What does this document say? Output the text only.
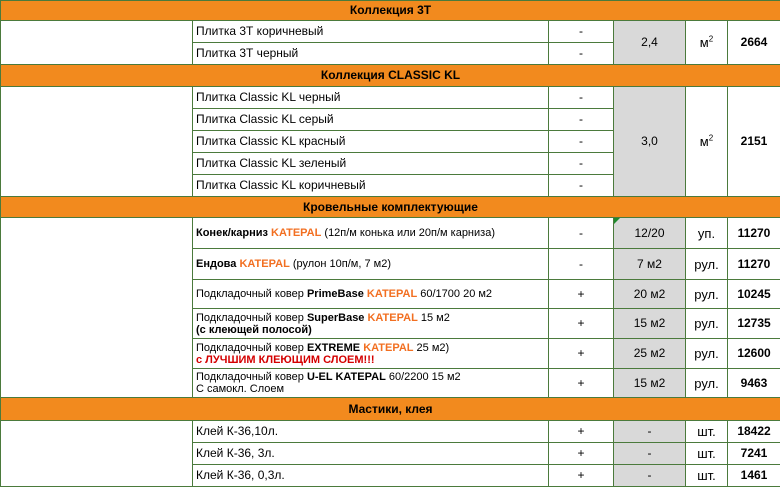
Коллекция 3Т					
	Плитка 3Т коричневый	-	2,4	$м^2$	2664
	Плитка 3Т черный	-			
Коллекция CLASSIC KL					
	Плитка Classic KL черный	-	3,0	$м^2$	2151
	Плитка Classic KL серый	-			
	Плитка Classic KL красный	-			
	Плитка Classic KL зеленый	-			
	Плитка Classic KL коричневый	-			
Кровельные комплектующие					
	Конек/карниз KATEPAL (12п/м конька или 20п/м карниза)	-	12/20	уп.	11270
	Ендова KATEPAL (рулон 10п/м, 7 м2)	-	7 м2	рул.	11270
	Подкладочный ковер PrimeBase KATEPAL 60/1700 20 м2	+	20 м2	рул.	10245
	Подкладочный ковер SuperBase KATEPAL 15 м2
(с клеющей полосой)	+	15 м2	рул.	12735
	Подкладочный ковер EXTREME KATEPAL 25 м2)
с ЛУЧШИМ КЛЕЮЩИМ СЛОЕМ!!!	+	25 м2	рул.	12600
	Подкладочный ковер U-EL KATEPAL 60/2200 15 м2
С самокл. Слоем	+	15 м2	рул.	9463
Мастики, клея					
	Клей К-36,10л.	+	-	шт.	18422
	Клей К-36, 3л.	+	-	шт.	7241
	Клей К-36, 0,3л.	+	-	шт.	1461
